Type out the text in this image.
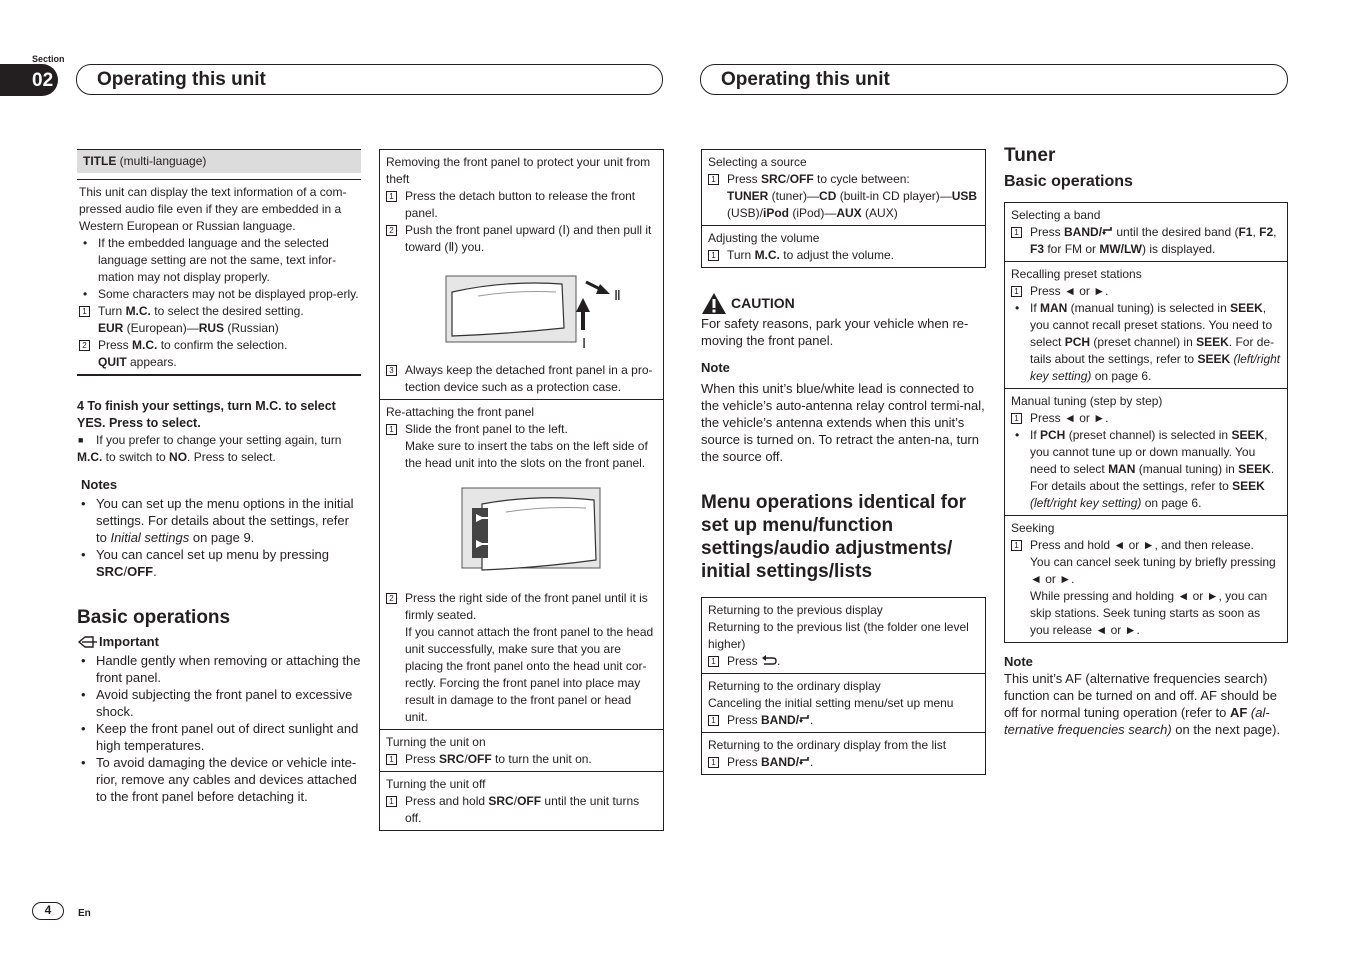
Section
02	Operating this unit	Operating this unit
TITLE (multi-language)
This unit can display the text information of a com-pressed audio file even if they are embedded in a Western European or Russian language.
• If the embedded language and the selected language setting are not the same, text infor-mation may not display properly.
• Some characters may not be displayed prop-erly.
1 Turn M.C. to select the desired setting.
EUR (European)—RUS (Russian)
2 Press M.C. to confirm the selection.
QUIT appears.
4 To finish your settings, turn M.C. to select YES. Press to select.
■ If you prefer to change your setting again, turn
M.C. to switch to NO. Press to select.
Notes
• You can set up the menu options in the initial settings. For details about the settings, refer to Initial settings on page 9.
• You can cancel set up menu by pressing SRC/OFF.
Basic operations
Important
• Handle gently when removing or attaching the front panel.
• Avoid subjecting the front panel to excessive shock.
• Keep the front panel out of direct sunlight and high temperatures.
• To avoid damaging the device or vehicle inte-rior, remove any cables and devices attached to the front panel before detaching it.
Removing the front panel to protect your unit from theft
1 Press the detach button to release the front panel.
2 Push the front panel upward (Ⅰ) and then pull it toward (Ⅱ) you.
Ⅱ
Ⅰ
3 Always keep the detached front panel in a pro-tection device such as a protection case.
Re-attaching the front panel
1 Slide the front panel to the left.
Make sure to insert the tabs on the left side of the head unit into the slots on the front panel.
2 Press the right side of the front panel until it is firmly seated.
If you cannot attach the front panel to the head unit successfully, make sure that you are placing the front panel onto the head unit cor-rectly. Forcing the front panel into place may result in damage to the front panel or head unit.
Turning the unit on
1 Press SRC/OFF to turn the unit on.
Turning the unit off
1 Press and hold SRC/OFF until the unit turns off.
Selecting a source
1 Press SRC/OFF to cycle between:
TUNER (tuner)—CD (built-in CD player)—USB (USB)/iPod (iPod)—AUX (AUX)
Adjusting the volume
1 Turn M.C. to adjust the volume.
CAUTION
For safety reasons, park your vehicle when re-moving the front panel.
Note
When this unit’s blue/white lead is connected to the vehicle’s auto-antenna relay control termi-nal, the vehicle’s antenna extends when this unit’s source is turned on. To retract the anten-na, turn the source off.
Menu operations identical for set up menu/function settings/audio adjustments/ initial settings/lists
Returning to the previous display
Returning to the previous list (the folder one level higher)
1 Press .
Returning to the ordinary display
Canceling the initial setting menu/set up menu
1 Press BAND/ .
Returning to the ordinary display from the list
1 Press BAND/ .
Tuner
Basic operations
Selecting a band
1 Press BAND/ until the desired band (F1, F2, F3 for FM or MW/LW) is displayed.
Recalling preset stations
1 Press ◄ or ►.
• If MAN (manual tuning) is selected in SEEK, you cannot recall preset stations. You need to select PCH (preset channel) in SEEK. For de-tails about the settings, refer to SEEK (left/right key setting) on page 6.
Manual tuning (step by step)
1 Press ◄ or ►.
• If PCH (preset channel) is selected in SEEK, you cannot tune up or down manually. You need to select MAN (manual tuning) in SEEK. For details about the settings, refer to SEEK (left/right key setting) on page 6.
Seeking
1 Press and hold ◄ or ►, and then release.
You can cancel seek tuning by briefly pressing ◄ or ►.
While pressing and holding ◄ or ►, you can skip stations. Seek tuning starts as soon as you release ◄ or ►.
Note
This unit’s AF (alternative frequencies search) function can be turned on and off. AF should be off for normal tuning operation (refer to AF (al-ternative frequencies search) on the next page).
4	En
